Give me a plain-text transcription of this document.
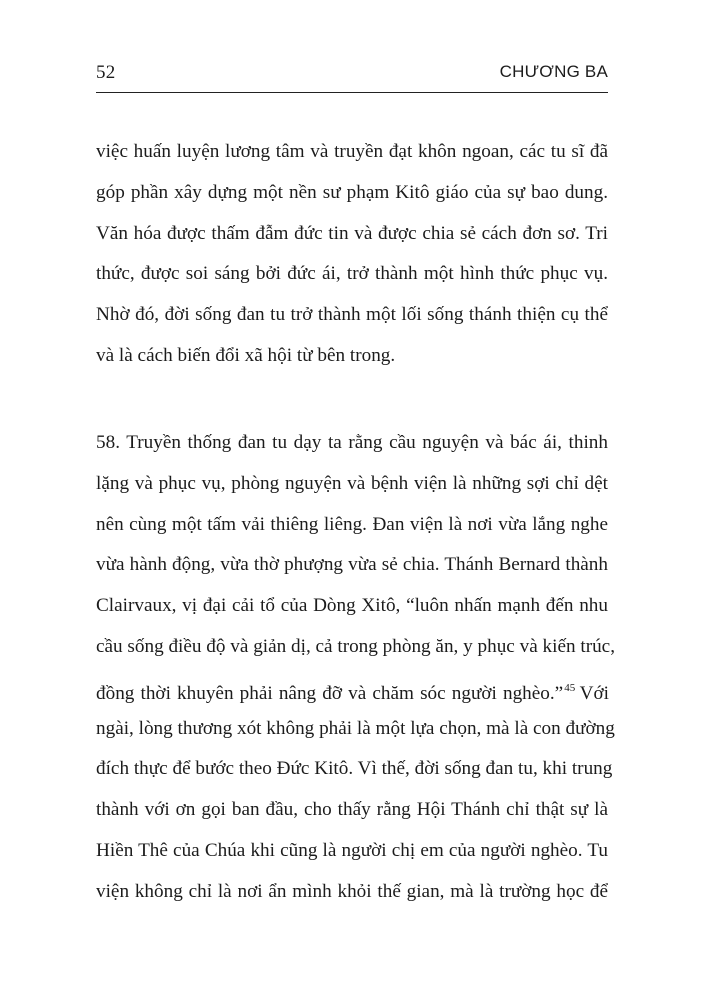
52	CHƯƠNG BA
việc huấn luyện lương tâm và truyền đạt khôn ngoan, các tu sĩ đã
góp phần xây dựng một nền sư phạm Kitô giáo của sự bao dung.
Văn hóa được thấm đẫm đức tin và được chia sẻ cách đơn sơ. Tri
thức, được soi sáng bởi đức ái, trở thành một hình thức phục vụ.
Nhờ đó, đời sống đan tu trở thành một lối sống thánh thiện cụ thể
và là cách biến đổi xã hội từ bên trong.
58. Truyền thống đan tu dạy ta rằng cầu nguyện và bác ái, thinh
lặng và phục vụ, phòng nguyện và bệnh viện là những sợi chỉ dệt
nên cùng một tấm vải thiêng liêng. Đan viện là nơi vừa lắng nghe
vừa hành động, vừa thờ phượng vừa sẻ chia. Thánh Bernard thành
Clairvaux, vị đại cải tổ của Dòng Xitô, “luôn nhấn mạnh đến nhu
cầu sống điều độ và giản dị, cả trong phòng ăn, y phục và kiến trúc,
đồng thời khuyên phải nâng đỡ và chăm sóc người nghèo.”$^{45}$ Với
ngài, lòng thương xót không phải là một lựa chọn, mà là con đường
đích thực để bước theo Đức Kitô. Vì thế, đời sống đan tu, khi trung
thành với ơn gọi ban đầu, cho thấy rằng Hội Thánh chỉ thật sự là
Hiền Thê của Chúa khi cũng là người chị em của người nghèo. Tu
viện không chỉ là nơi ẩn mình khỏi thế gian, mà là trường học để
